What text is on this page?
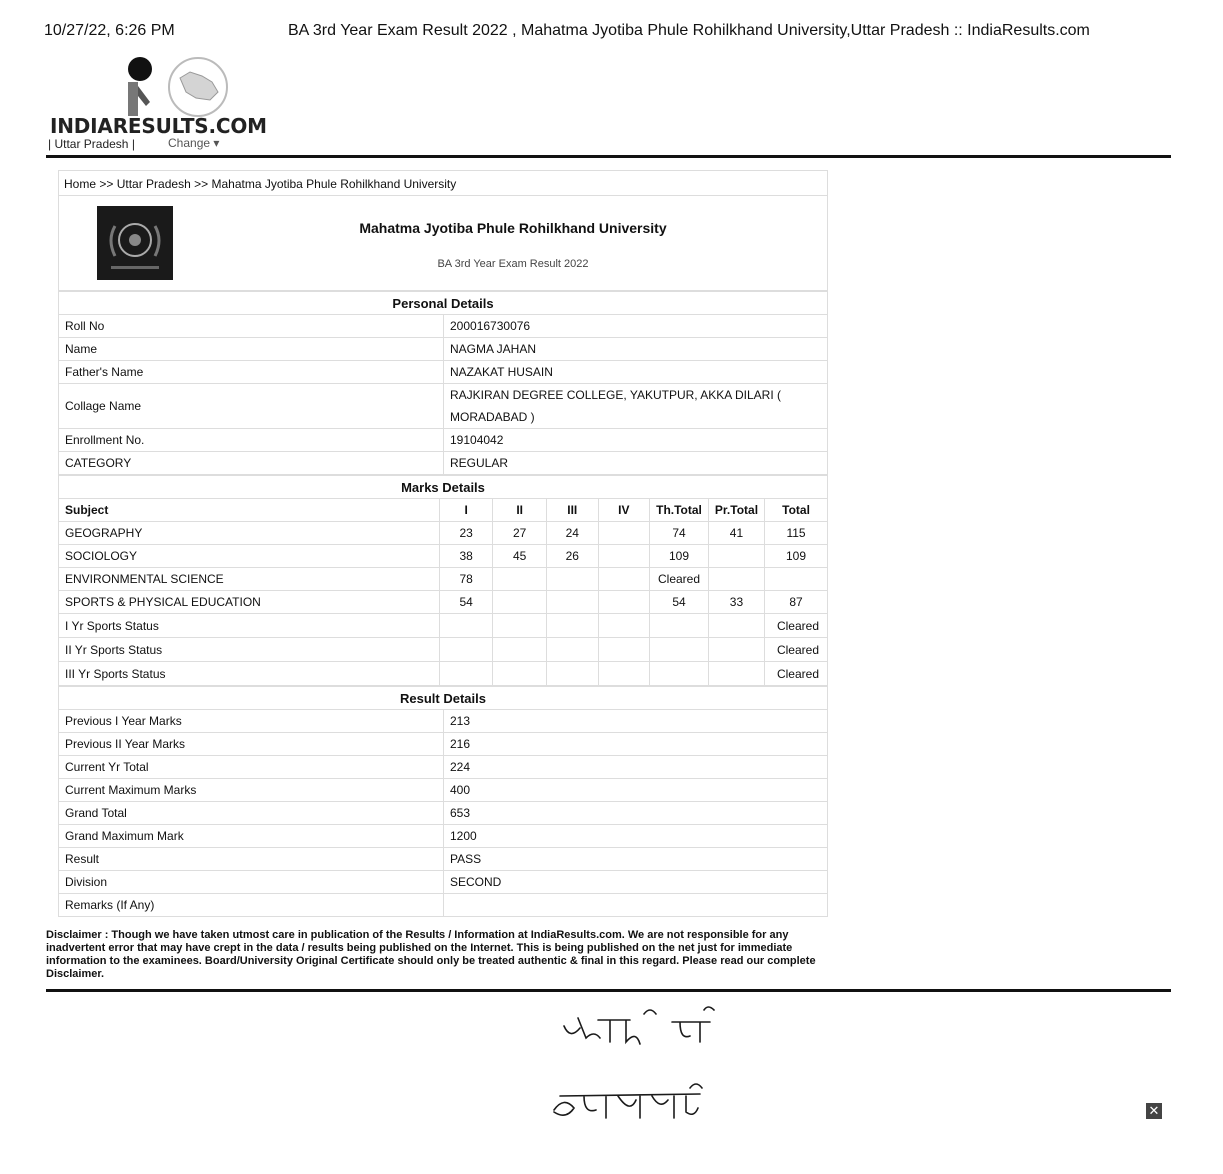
10/27/22, 6:26 PM	BA 3rd Year Exam Result 2022 , Mahatma Jyotiba Phule Rohilkhand University,Uttar Pradesh :: IndiaResults.com
INDIARESULTS.COM
| Uttar Pradesh |	Change ▾
Home >> Uttar Pradesh >> Mahatma Jyotiba Phule Rohilkhand University
Mahatma Jyotiba Phule Rohilkhand University
BA 3rd Year Exam Result 2022
Personal Details	
Roll No	200016730076
Name	NAGMA JAHAN
Father's Name	NAZAKAT HUSAIN
Collage Name	RAJKIRAN DEGREE COLLEGE, YAKUTPUR, AKKA DILARI ( MORADABAD )
Enrollment No.	19104042
CATEGORY	REGULAR
Marks Details							
Subject	I	II	III	IV	Th.Total	Pr.Total	Total
GEOGRAPHY	23	27	24		74	41	115
SOCIOLOGY	38	45	26		109		109
ENVIRONMENTAL SCIENCE	78				Cleared		
SPORTS & PHYSICAL EDUCATION	54				54	33	87
I Yr Sports Status							Cleared
II Yr Sports Status							Cleared
III Yr Sports Status							Cleared
Result Details	
Previous I Year Marks	213
Previous II Year Marks	216
Current Yr Total	224
Current Maximum Marks	400
Grand Total	653
Grand Maximum Mark	1200
Result	PASS
Division	SECOND
Remarks (If Any)	
Disclaimer : Though we have taken utmost care in publication of the Results / Information at IndiaResults.com. We are not responsible for any inadvertent error that may have crept in the data / results being published on the Internet. This is being published on the net just for immediate information to the examinees. Board/University Original Certificate should only be treated authentic & final in this regard. Please read our complete Disclaimer.
✕
